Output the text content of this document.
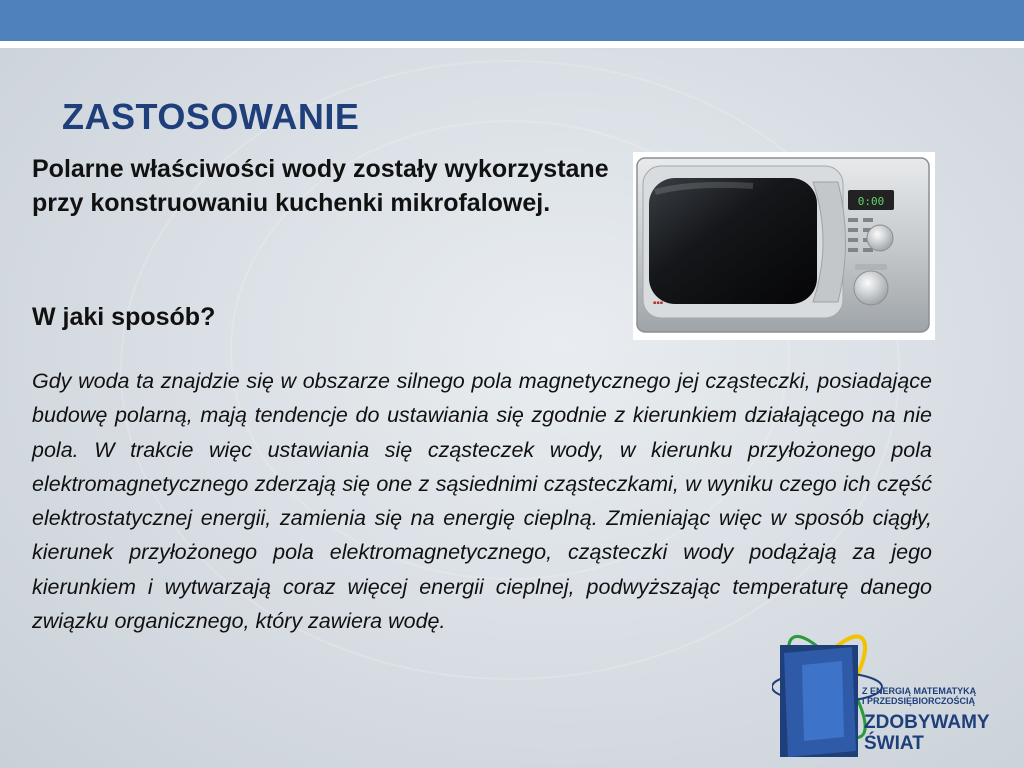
ZASTOSOWANIE
Polarne właściwości wody zostały wykorzystane przy konstruowaniu kuchenki mikrofalowej.
W jaki sposób?
Gdy woda ta znajdzie się w obszarze silnego pola magnetycznego jej cząsteczki, posiadające budowę polarną, mają tendencje do ustawiania się zgodnie z kierunkiem działającego na nie pola. W trakcie więc ustawiania się cząsteczek wody, w kierunku przyłożonego pola elektromagnetycznego zderzają się one z sąsiednimi cząsteczkami, w wyniku czego ich część elektrostatycznej energii, zamienia się na energię cieplną. Zmieniając więc w sposób ciągły, kierunek przyłożonego pola elektromagnetycznego, cząsteczki wody podążają za jego kierunkiem i wytwarzają coraz więcej energii cieplnej, podwyższając temperaturę danego związku organicznego, który zawiera wodę.
0:00
▪▪▪
Z ENERGIĄ MATEMATYKĄ
I PRZEDSIĘBIORCZOŚCIĄ
ZDOBYWAMY
ŚWIAT
